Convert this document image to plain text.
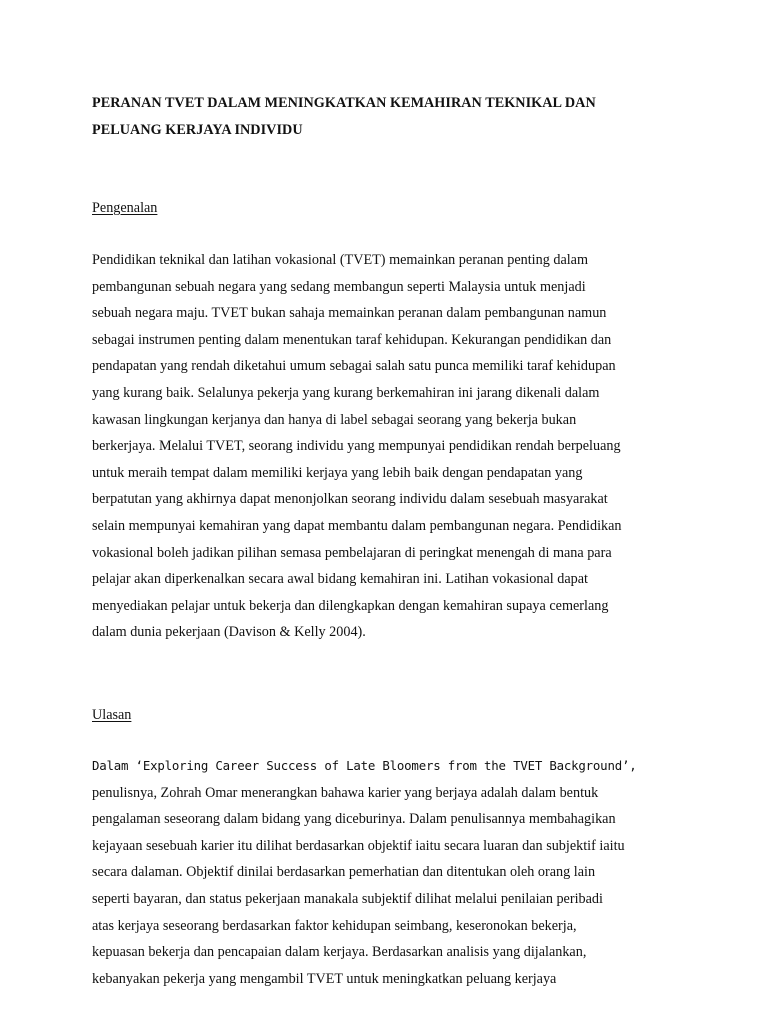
PERANAN TVET DALAM MENINGKATKAN KEMAHIRAN TEKNIKAL DAN
PELUANG KERJAYA INDIVIDU
Pengenalan
Pendidikan teknikal dan latihan vokasional (TVET) memainkan peranan penting dalam
pembangunan sebuah negara yang sedang membangun seperti Malaysia untuk menjadi
sebuah negara maju. TVET bukan sahaja memainkan peranan dalam pembangunan namun
sebagai instrumen penting dalam menentukan taraf kehidupan. Kekurangan pendidikan dan
pendapatan yang rendah diketahui umum sebagai salah satu punca memiliki taraf kehidupan
yang kurang baik. Selalunya pekerja yang kurang berkemahiran ini jarang dikenali dalam
kawasan lingkungan kerjanya dan hanya di label sebagai seorang yang bekerja bukan
berkerjaya. Melalui TVET, seorang individu yang mempunyai pendidikan rendah berpeluang
untuk meraih tempat dalam memiliki kerjaya yang lebih baik dengan pendapatan yang
berpatutan yang akhirnya dapat menonjolkan seorang individu dalam sesebuah masyarakat
selain mempunyai kemahiran yang dapat membantu dalam pembangunan negara. Pendidikan
vokasional boleh jadikan pilihan semasa pembelajaran di peringkat menengah di mana para
pelajar akan diperkenalkan secara awal bidang kemahiran ini. Latihan vokasional dapat
menyediakan pelajar untuk bekerja dan dilengkapkan dengan kemahiran supaya cemerlang
dalam dunia pekerjaan (Davison & Kelly 2004).
Ulasan
Dalam ‘Exploring Career Success of Late Bloomers from the TVET Background’,
penulisnya, Zohrah Omar menerangkan bahawa karier yang berjaya adalah dalam bentuk
pengalaman seseorang dalam bidang yang diceburinya. Dalam penulisannya membahagikan
kejayaan sesebuah karier itu dilihat berdasarkan objektif iaitu secara luaran dan subjektif iaitu
secara dalaman. Objektif dinilai berdasarkan pemerhatian dan ditentukan oleh orang lain
seperti bayaran, dan status pekerjaan manakala subjektif dilihat melalui penilaian peribadi
atas kerjaya seseorang berdasarkan faktor kehidupan seimbang, keseronokan bekerja,
kepuasan bekerja dan pencapaian dalam kerjaya. Berdasarkan analisis yang dijalankan,
kebanyakan pekerja yang mengambil TVET untuk meningkatkan peluang kerjaya
